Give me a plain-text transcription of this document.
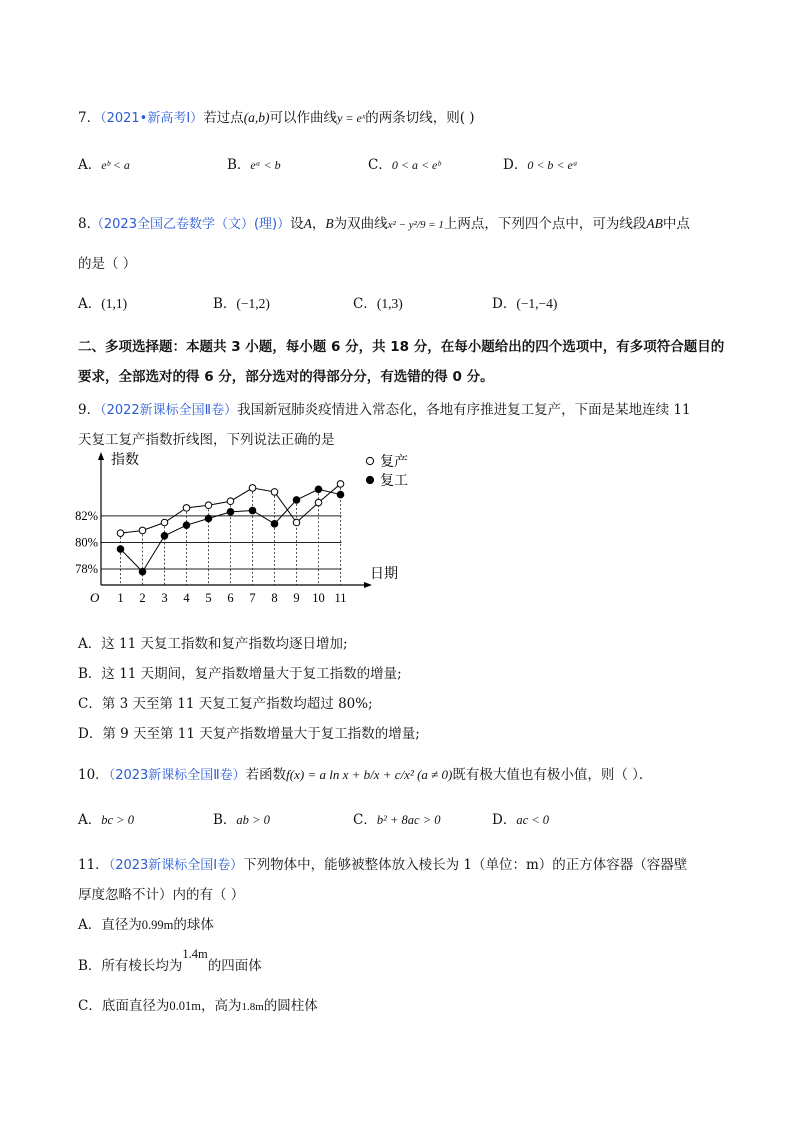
7．（2021•新高考Ⅰ）若过点(a,b)可以作曲线y = eˣ的两条切线，则( )
A．eᵇ < a	B．eᵃ < b	C．0 < a < eᵇ	D．0 < b < eᵃ
8.（2023全国乙卷数学（文）(理)）设A，B为双曲线x² − y²/9 = 1上两点，下列四个点中，可为线段AB中点
的是（ ）
A．(1,1)	B．(−1,2)	C．(1,3)	D．(−1,−4)
二、多项选择题：本题共 3 小题，每小题 6 分，共 18 分，在每小题给出的四个选项中，有多项符合题目的
要求，全部选对的得 6 分，部分选对的得部分分，有选错的得 0 分。
9．（2022新课标全国Ⅱ卷）我国新冠肺炎疫情进入常态化，各地有序推进复工复产，下面是某地连续 11
天复工复产指数折线图，下列说法正确的是
82%
80%
78%
1 2 3 4 5 6 7 8 9 10 11
指数
日期
O
复产
复工
A．这 11 天复工指数和复产指数均逐日增加;
B．这 11 天期间，复产指数增量大于复工指数的增量;
C．第 3 天至第 11 天复工复产指数均超过 80%;
D．第 9 天至第 11 天复产指数增量大于复工指数的增量;
10．（2023新课标全国Ⅱ卷）若函数f(x) = a ln x + b/x + c/x² (a ≠ 0)既有极大值也有极小值，则（ ）．
A．bc > 0	B．ab > 0	C．b² + 8ac > 0	D．ac < 0
11．（2023新课标全国Ⅰ卷）下列物体中，能够被整体放入棱长为 1（单位：m）的正方体容器（容器壁
厚度忽略不计）内的有（ ）
A．直径为0.99m的球体
B．所有棱长均为1.4m的四面体
C．底面直径为0.01m，高为1.8m的圆柱体
